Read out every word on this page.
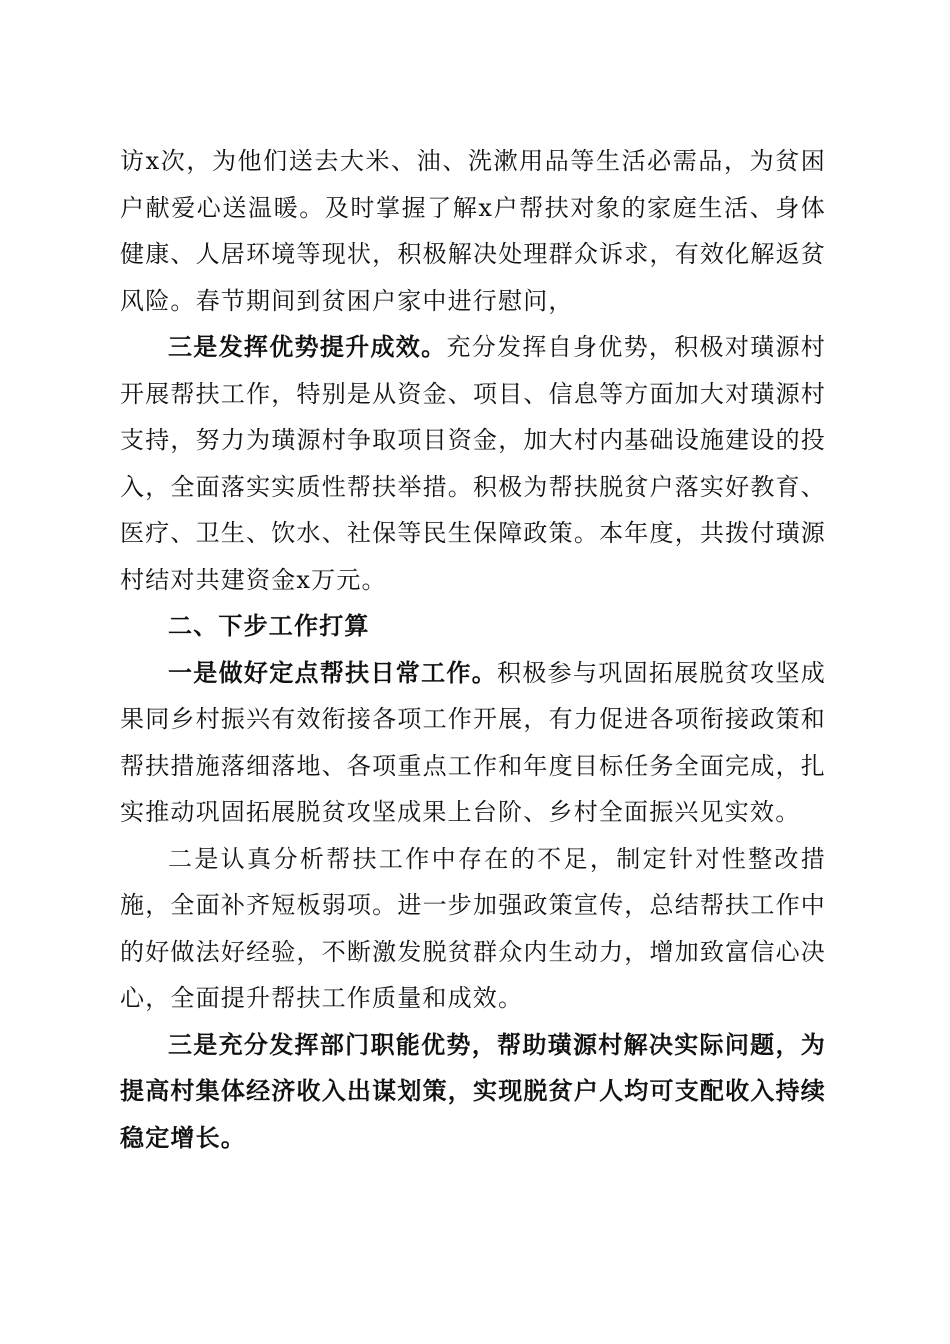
访x次，为他们送去大米、油、洗漱用品等生活必需品，为贫困户献爱心送温暖。及时掌握了解x户帮扶对象的家庭生活、身体健康、人居环境等现状，积极解决处理群众诉求，有效化解返贫风险。春节期间到贫困户家中进行慰问，

三是发挥优势提升成效。充分发挥自身优势，积极对璜源村开展帮扶工作，特别是从资金、项目、信息等方面加大对璜源村支持，努力为璜源村争取项目资金，加大村内基础设施建设的投入，全面落实实质性帮扶举措。积极为帮扶脱贫户落实好教育、医疗、卫生、饮水、社保等民生保障政策。本年度，共拨付璜源村结对共建资金x万元。

二、下步工作打算

一是做好定点帮扶日常工作。积极参与巩固拓展脱贫攻坚成果同乡村振兴有效衔接各项工作开展，有力促进各项衔接政策和帮扶措施落细落地、各项重点工作和年度目标任务全面完成，扎实推动巩固拓展脱贫攻坚成果上台阶、乡村全面振兴见实效。

二是认真分析帮扶工作中存在的不足，制定针对性整改措施，全面补齐短板弱项。进一步加强政策宣传，总结帮扶工作中的好做法好经验，不断激发脱贫群众内生动力，增加致富信心决心，全面提升帮扶工作质量和成效。

三是充分发挥部门职能优势，帮助璜源村解决实际问题，为提高村集体经济收入出谋划策，实现脱贫户人均可支配收入持续稳定增长。
